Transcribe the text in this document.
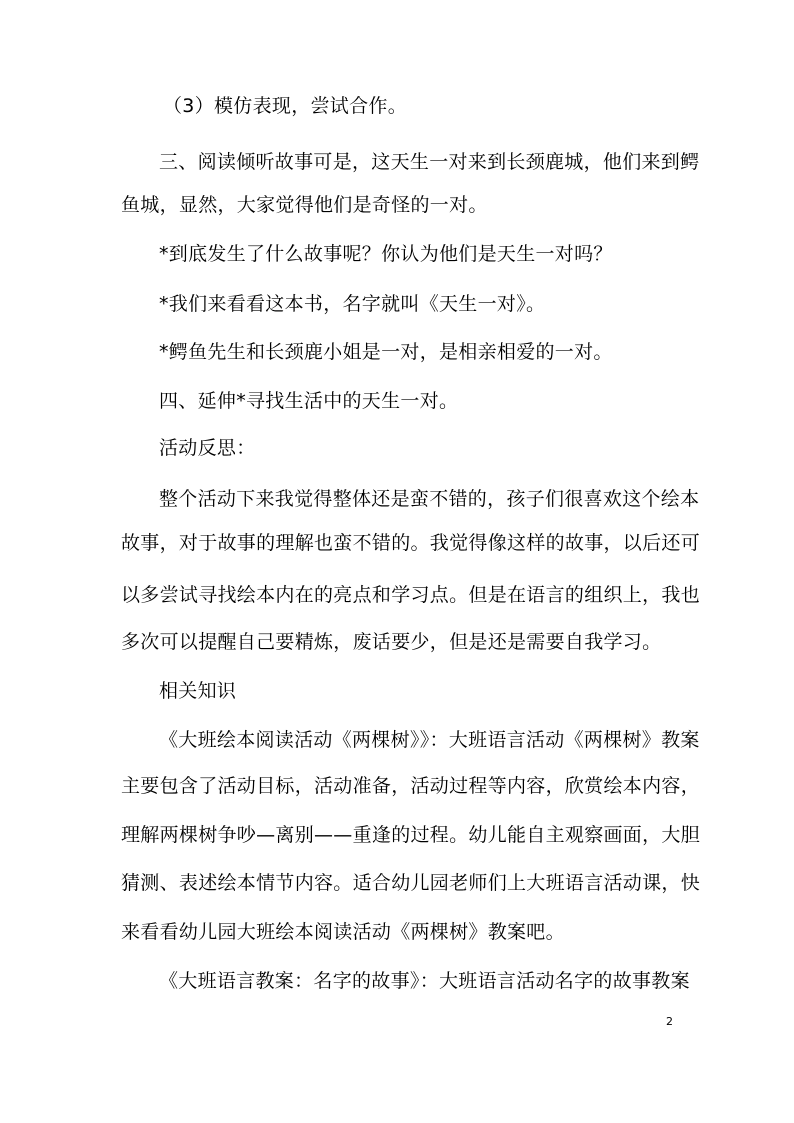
（3）模仿表现，尝试合作。
三、阅读倾听故事可是，这天生一对来到长颈鹿城，他们来到鳄
鱼城，显然，大家觉得他们是奇怪的一对。
*到底发生了什么故事呢？你认为他们是天生一对吗？
*我们来看看这本书，名字就叫《天生一对》。
*鳄鱼先生和长颈鹿小姐是一对，是相亲相爱的一对。
四、延伸*寻找生活中的天生一对。
活动反思：
整个活动下来我觉得整体还是蛮不错的，孩子们很喜欢这个绘本
故事，对于故事的理解也蛮不错的。我觉得像这样的故事，以后还可
以多尝试寻找绘本内在的亮点和学习点。但是在语言的组织上，我也
多次可以提醒自己要精炼，废话要少，但是还是需要自我学习。
相关知识
《大班绘本阅读活动《两棵树》》：大班语言活动《两棵树》教案
主要包含了活动目标，活动准备，活动过程等内容，欣赏绘本内容，
理解两棵树争吵—离别——重逢的过程。幼儿能自主观察画面，大胆
猜测、表述绘本情节内容。适合幼儿园老师们上大班语言活动课，快
来看看幼儿园大班绘本阅读活动《两棵树》教案吧。
《大班语言教案：名字的故事》：大班语言活动名字的故事教案
2
